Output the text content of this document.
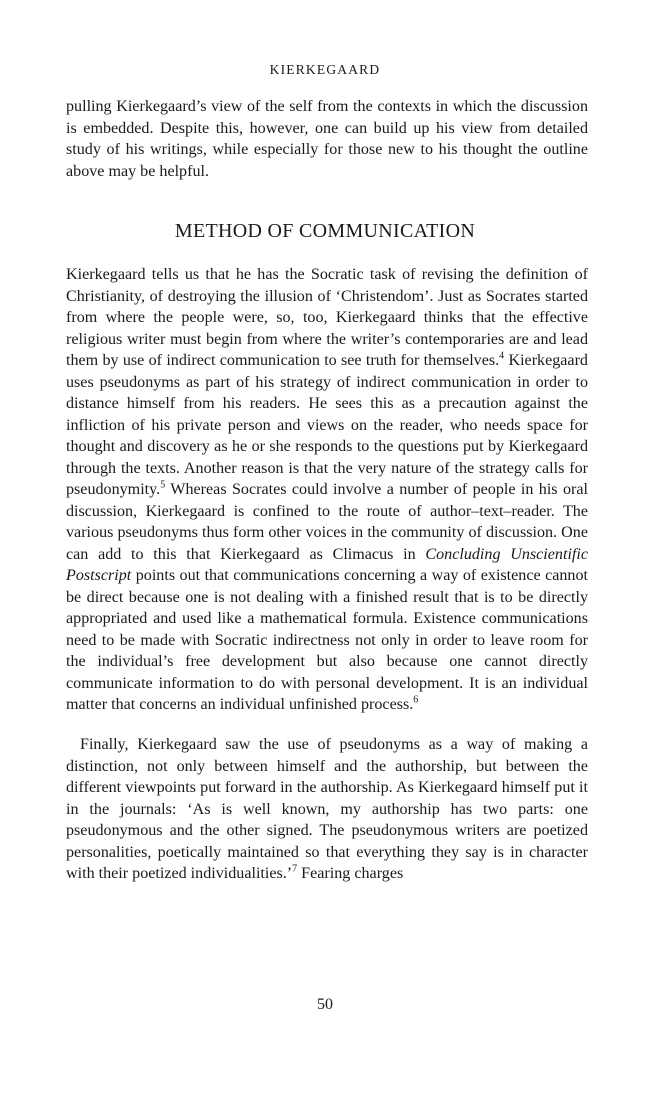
KIERKEGAARD
pulling Kierkegaard’s view of the self from the contexts in which the discussion is embedded. Despite this, however, one can build up his view from detailed study of his writings, while especially for those new to his thought the outline above may be helpful.
METHOD OF COMMUNICATION
Kierkegaard tells us that he has the Socratic task of revising the definition of Christianity, of destroying the illusion of ‘Christendom’. Just as Socrates started from where the people were, so, too, Kierkegaard thinks that the effective religious writer must begin from where the writer’s contemporaries are and lead them by use of indirect communication to see truth for themselves.$^4$ Kierkegaard uses pseudonyms as part of his strategy of indirect communication in order to distance himself from his readers. He sees this as a precaution against the infliction of his private person and views on the reader, who needs space for thought and discovery as he or she responds to the questions put by Kierkegaard through the texts. Another reason is that the very nature of the strategy calls for pseudonymity.$^5$ Whereas Socrates could involve a number of people in his oral discussion, Kierkegaard is confined to the route of author–text–reader. The various pseudonyms thus form other voices in the community of discussion. One can add to this that Kierkegaard as Climacus in Concluding Unscientific Postscript points out that communications concerning a way of existence cannot be direct because one is not dealing with a finished result that is to be directly appropriated and used like a mathematical formula. Existence communications need to be made with Socratic indirectness not only in order to leave room for the individual’s free development but also because one cannot directly communicate information to do with personal development. It is an individual matter that concerns an individual unfinished process.$^6$
Finally, Kierkegaard saw the use of pseudonyms as a way of making a distinction, not only between himself and the authorship, but between the different viewpoints put forward in the authorship. As Kierkegaard himself put it in the journals: ‘As is well known, my authorship has two parts: one pseudonymous and the other signed. The pseudonymous writers are poetized personalities, poetically maintained so that everything they say is in character with their poetized individualities.’$^7$ Fearing charges
50
